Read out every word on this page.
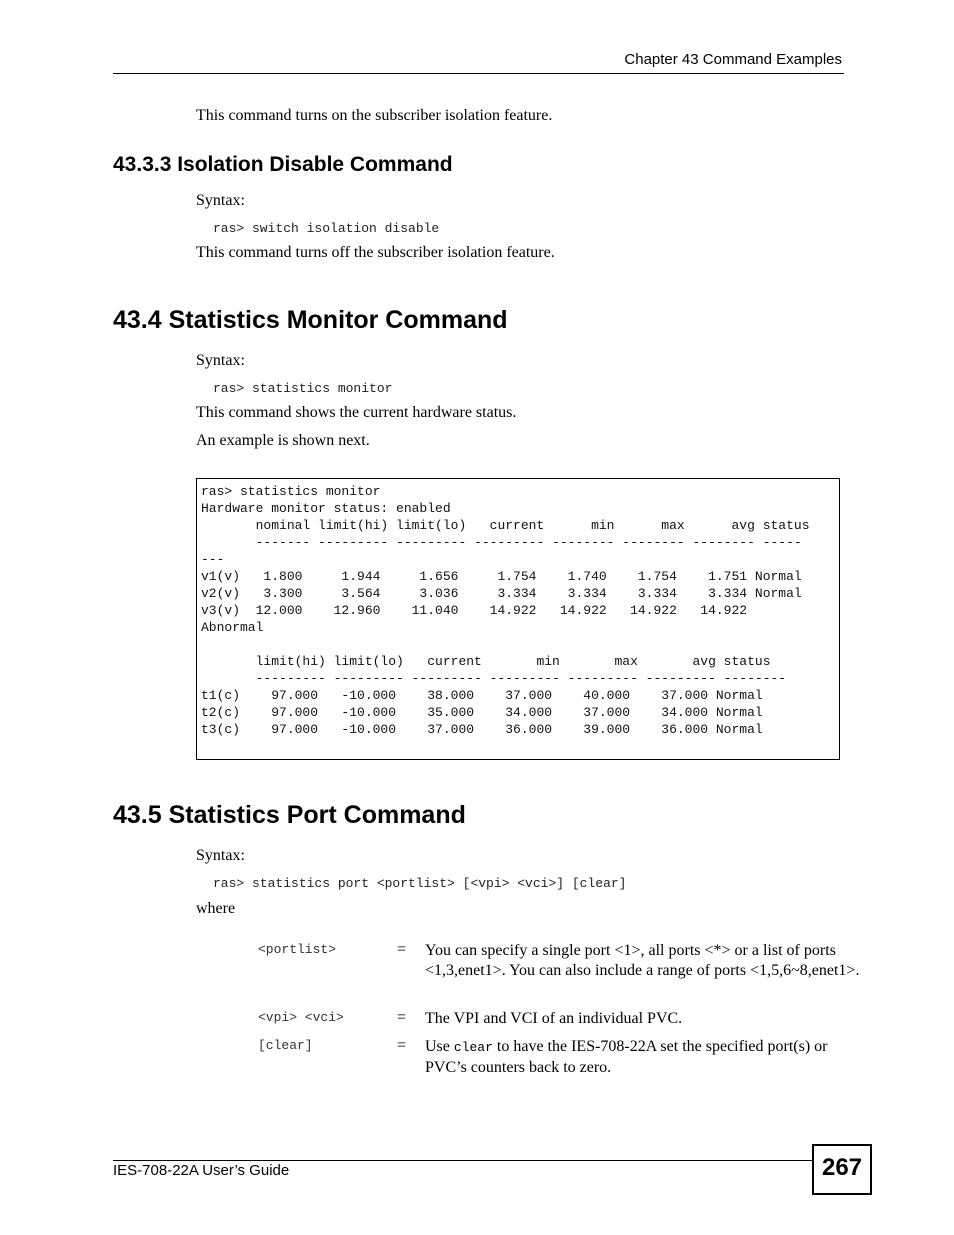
Chapter 43 Command Examples
This command turns on the subscriber isolation feature.
43.3.3 Isolation Disable Command
Syntax:
ras> switch isolation disable
This command turns off the subscriber isolation feature.
43.4 Statistics Monitor Command
Syntax:
ras> statistics monitor
This command shows the current hardware status.
An example is shown next.
ras> statistics monitor
Hardware monitor status: enabled
nominal limit(hi) limit(lo)   current      min      max      avg status
------- --------- --------- --------- -------- -------- -------- -----
---
v1(v)   1.800     1.944     1.656     1.754    1.740    1.754    1.751 Normal
v2(v)   3.300     3.564     3.036     3.334    3.334    3.334    3.334 Normal
v3(v)  12.000    12.960    11.040    14.922   14.922   14.922   14.922
Abnormal

limit(hi) limit(lo)   current       min       max       avg status
--------- --------- --------- --------- --------- --------- --------
t1(c)    97.000   -10.000    38.000    37.000    40.000    37.000 Normal
t2(c)    97.000   -10.000    35.000    34.000    37.000    34.000 Normal
t3(c)    97.000   -10.000    37.000    36.000    39.000    36.000 Normal
43.5 Statistics Port Command
Syntax:
ras> statistics port <portlist> [<vpi> <vci>] [clear]
where
<portlist>	= You can specify a single port <1>, all ports <*> or a list of ports <1,3,enet1>. You can also include a range of ports <1,5,6~8,enet1>.
<vpi> <vci>	= The VPI and VCI of an individual PVC.
[clear]	= Use clear to have the IES-708-22A set the specified port(s) or PVC’s counters back to zero.
IES-708-22A User’s Guide	267
